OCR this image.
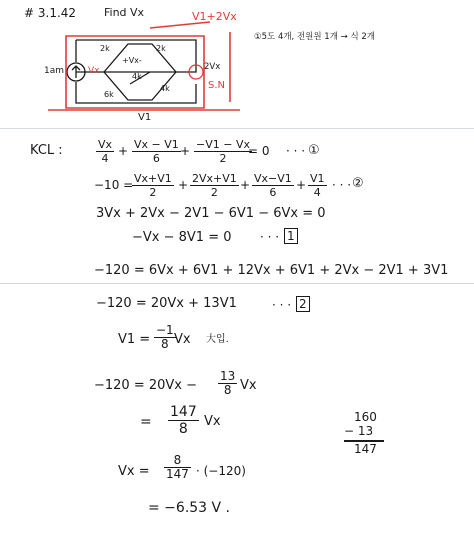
# 3.1.42	Find Vx	V1+2Vx
①5도 4개, 전원원 1개 → 식 2개
1am	Vx
2k	2k
+Vx-
4k
6k
4k
2Vx
S.N
V1
KCL :	$\frac{Vx}{4} + \frac{Vx - V1}{6} + \frac{-V1 - Vx}{2}$
= 0 · · · ①
−10 =
$\frac{Vx+V1}{2} + \frac{2Vx+V1}{2} + \frac{Vx-V1}{6} + \frac{V1}{4}$ · · · ②
3Vx + 2Vx − 2V1 − 6V1 − 6Vx = 0
−Vx − 8V1 = 0 · · · 1
−120 = 6Vx + 6V1 + 12Vx + 6V1 + 2Vx − 2V1 + 3V1
−120 = 20Vx + 13V1	· · · 2
$V1 = \frac{-1}{8}$
Vx 大입.
$-120 = 20Vx - \frac{13}{8}$ Vx
= $\frac{147}{8}$ Vx	160
− 13
147
$Vx = \frac{8}{147} \cdot (-120)$
= −6.53 V .
